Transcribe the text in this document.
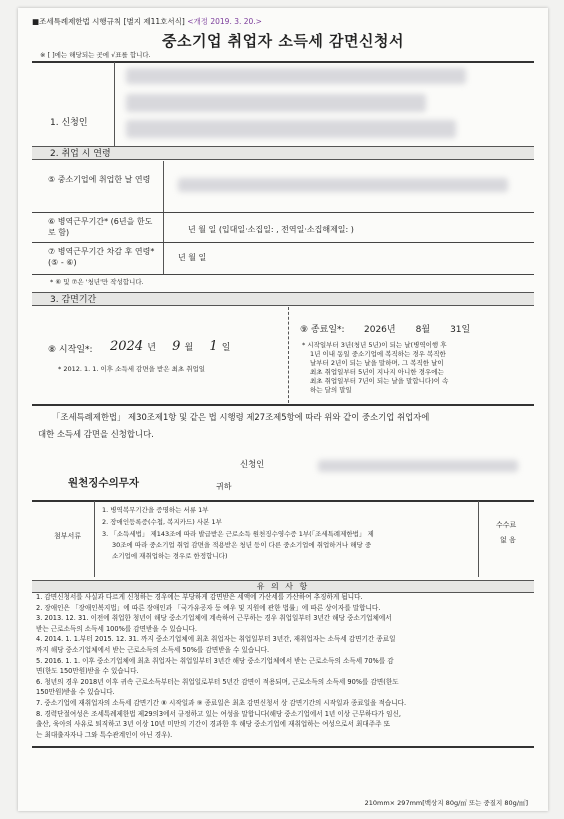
■조세특례제한법 시행규칙 [별지 제11호서식] <개정 2019. 3. 20.>
중소기업 취업자 소득세 감면신청서
※ [ ]에는 해당되는 곳에 √표를 합니다.
1. 신청인
2. 취업 시 연령
⑤ 중소기업에 취업한 날 연령
⑥ 병역근무기간* (6년을 한도로 함)	년 월 일 (입대일·소집일: , 전역일·소집해제일: )
⑦ 병역근무기간 차감 후 연령*(⑤ - ⑥)
년 월 일
* ⑥ 및 ⑦은 '청년'만 작성합니다.
3. 감면기간
⑧ 시작일*: 2024 년 9 월 1 일
* 2012. 1. 1. 이후 소득세 감면을 받은 최초 취업일
⑨ 종료일*: 2026년       8월       31일
* 시작일부터 3년(청년 5년)이 되는 날(병역이행 후
1년 이내 동일 중소기업에 복직하는 경우 복직한
날부터 2년이 되는 날을 말하며, 그 복직한 날이
최초 취업일부터 5년이 지나지 아니한 경우에는
최초 취업일부터 7년이 되는 날을 말합니다)이 속
하는 달의 말일
「조세특례제한법」 제30조제1항 및 같은 법 시행령 제27조제5항에 따라 위와 같이 중소기업 취업자에
대한 소득세 감면을 신청합니다.
신청인
원천징수의무자	귀하
첨부서류
1. 병역복무기간을 증명하는 서류 1부
2. 장애인등록증(수첩, 복지카드) 사본 1부
3. 「소득세법」 제143조에 따라 발급받은 근로소득 원천징수영수증 1부(「조세특례제한법」 제
30조에 따라 중소기업 취업 감면을 적용받은 청년 등이 다른 중소기업에 취업하거나 해당 중
소기업에 재취업하는 경우로 한정합니다)
수수료
없 음
유 의 사 항
1. 감면신청서를 사실과 다르게 신청하는 경우에는 부당하게 감면받은 세액에 가산세를 가산하여 추징하게 됩니다.
2. 장애인은 「장애인복지법」에 따른 장애인과 「국가유공자 등 예우 및 지원에 관한 법률」에 따른 상이자를 말합니다.
3. 2013. 12. 31. 이전에 취업한 청년이 해당 중소기업체에 계속하여 근무하는 경우 취업일부터 3년간 해당 중소기업체에서
받는 근로소득의 소득세 100%를 감면받을 수 있습니다.
4. 2014. 1. 1.부터 2015. 12. 31. 까지 중소기업체에 최초 취업자는 취업일부터 3년간, 재취업자는 소득세 감면기간 종료일
까지 해당 중소기업체에서 받는 근로소득의 소득세 50%를 감면받을 수 있습니다.
5. 2016. 1. 1. 이후 중소기업체에 최초 취업자는 취업일부터 3년간 해당 중소기업체에서 받는 근로소득의 소득세 70%를 감
면(한도 150만원)받을 수 있습니다.
6. 청년의 경우 2018년 이후 귀속 근로소득부터는 취업일로부터 5년간 감면이 적용되며, 근로소득의 소득세 90%를 감면(한도
150만원)받을 수 있습니다.
7. 중소기업에 재취업자의 소득세 감면기간 ⑧ 시작일과 ⑨ 종료일은 최초 감면신청서 상 감면기간의 시작일과 종료일을 적습니다.
8. 경력단절여성은 조세특례제한법 제29의3에서 규정하고 있는 여성을 말합니다(해당 중소기업에서 1년 이상 근무하다가 임신,
출산, 육아의 사유로 퇴직하고 3년 이상 10년 미만의 기간이 경과한 후 해당 중소기업에 재취업하는 여성으로서 최대주주 또
는 최대출자자나 그와 특수관계인이 아닌 경우).
210mm× 297mm[백상지 80g/㎡ 또는 중질지 80g/㎡]
